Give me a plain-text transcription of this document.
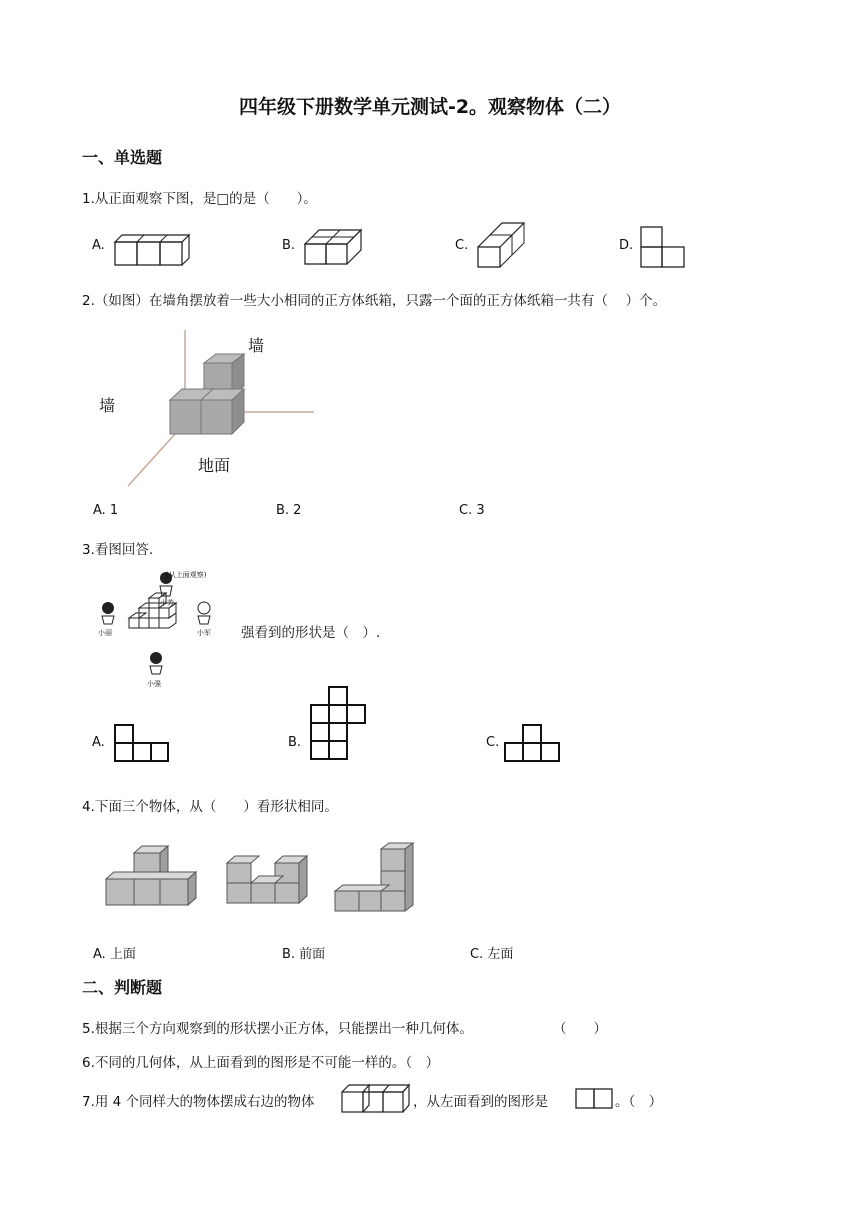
四年级下册数学单元测试-2。观察物体（二）
一、单选题
1.从正面观察下图，是□的是（　　）。
A.	B.	C.	D.
2.（如图）在墙角摆放着一些大小相同的正方体纸箱，只露一个面的正方体纸箱一共有（　 ）个。
墙
墙
地面
A. 1	B. 2	C. 3
3.看图回答.
(从上面观察)
小芳
小丽	小军
小强
强看到的形状是（　）.
A.	B.	C.
4.下面三个物体，从（　　）看形状相同。
A. 上面	B. 前面	C. 左面
二、判断题
5.根据三个方向观察到的形状摆小正方体，只能摆出一种几何体。	（　　）
6.不同的几何体，从上面看到的图形是不可能一样的。（　）
7.用 4 个同样大的物体摆成右边的物体	，从左面看到的图形是	。（　）
